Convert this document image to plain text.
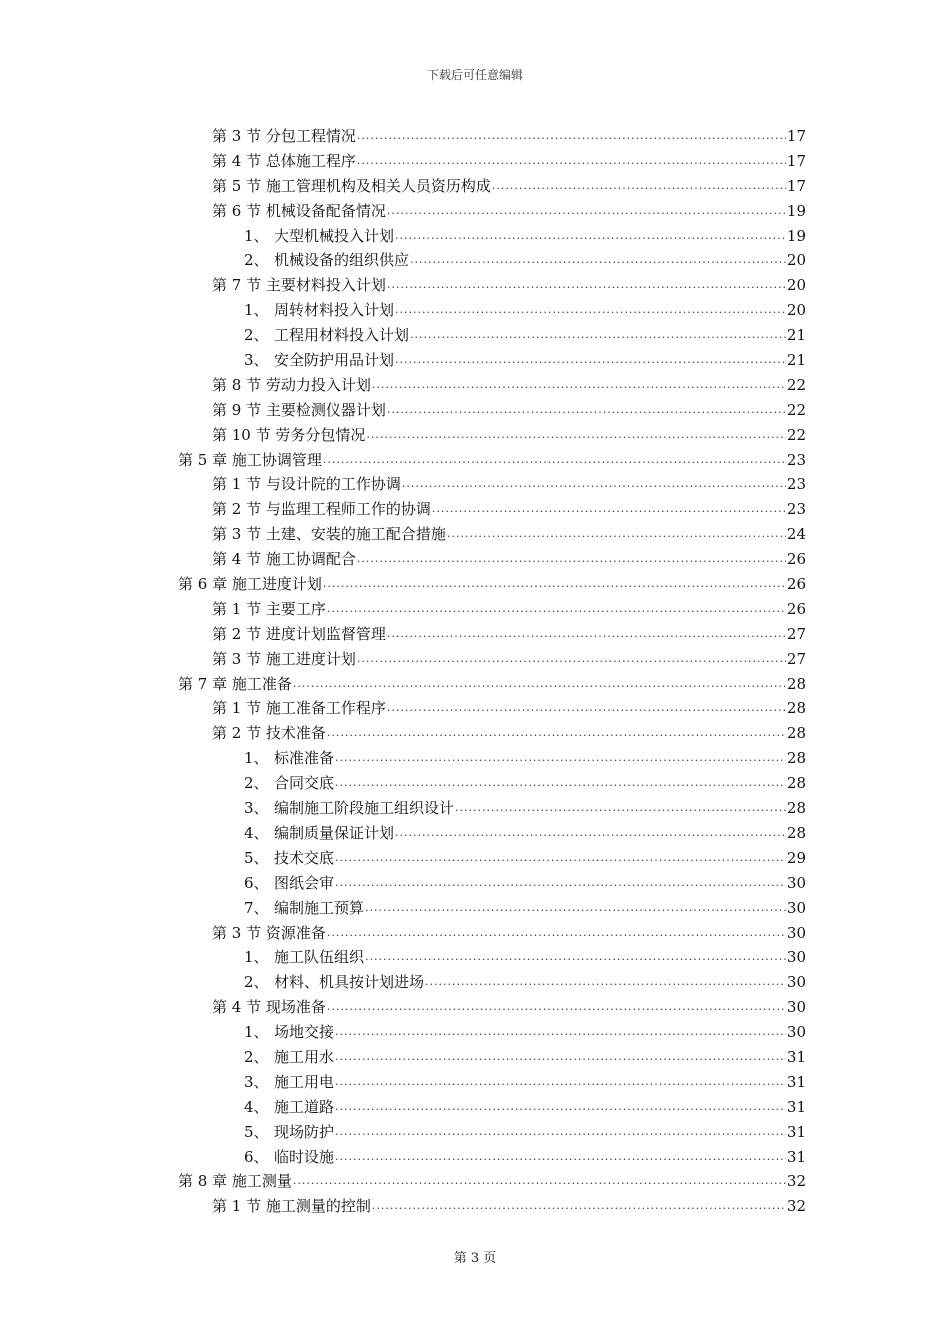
下载后可任意编辑
第 3 节 分包工程情况 .....	17
第 4 节 总体施工程序 .....	17
第 5 节 施工管理机构及相关人员资历构成 .....	17
第 6 节 机械设备配备情况 .....	19
1、 大型机械投入计划 .....	19
2、 机械设备的组织供应 .....	20
第 7 节 主要材料投入计划 .....	20
1、 周转材料投入计划 .....	20
2、 工程用材料投入计划 .....	21
3、 安全防护用品计划 .....	21
第 8 节 劳动力投入计划 .....	22
第 9 节 主要检测仪器计划 .....	22
第 10 节 劳务分包情况 .....	22
第 5 章 施工协调管理 .....	23
第 1 节 与设计院的工作协调 .....	23
第 2 节 与监理工程师工作的协调 .....	23
第 3 节 土建、安装的施工配合措施 .....	24
第 4 节 施工协调配合 .....	26
第 6 章 施工进度计划 .....	26
第 1 节 主要工序 .....	26
第 2 节 进度计划监督管理 .....	27
第 3 节 施工进度计划 .....	27
第 7 章 施工准备 .....	28
第 1 节 施工准备工作程序 .....	28
第 2 节 技术准备 .....	28
1、 标准准备 .....	28
2、 合同交底 .....	28
3、 编制施工阶段施工组织设计 .....	28
4、 编制质量保证计划 .....	28
5、 技术交底 .....	29
6、 图纸会审 .....	30
7、 编制施工预算 .....	30
第 3 节 资源准备 .....	30
1、 施工队伍组织 .....	30
2、 材料、机具按计划进场 .....	30
第 4 节 现场准备 .....	30
1、 场地交接 .....	30
2、 施工用水 .....	31
3、 施工用电 .....	31
4、 施工道路 .....	31
5、 现场防护 .....	31
6、 临时设施 .....	31
第 8 章 施工测量 .....	32
第 1 节 施工测量的控制 .....	32
第 3 页
